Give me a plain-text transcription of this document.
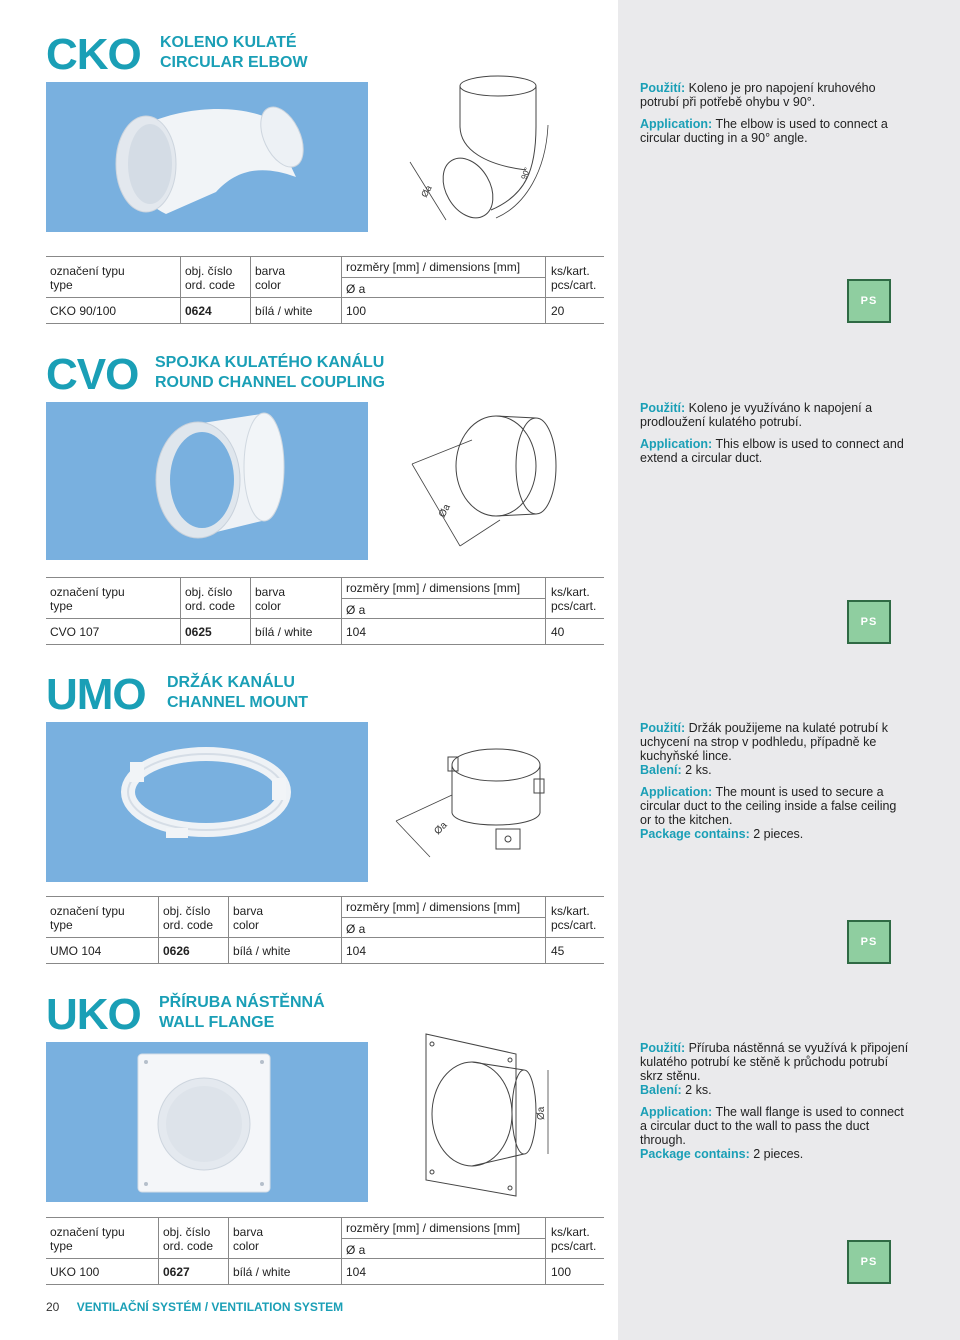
CKO KOLENO KULATÉ
CIRCULAR ELBOW
Øa
90°

Použití: Koleno je pro napojení kruhového potrubí při potřebě ohybu v 90°.

Application: The elbow is used to connect a circular ducting in a 90° angle.

označení typu
type
obj. číslo
ord. code
barva
color
rozměry [mm] / dimensions [mm]
Ø a
ks/kart.
pcs/cart.
CKO 90/100	0624	bílá / white	100	20
PS
CVO SPOJKA KULATÉHO KANÁLU
ROUND CHANNEL COUPLING
Øa

Použití: Koleno je využíváno k napojení a prodloužení kulatého potrubí.

Application: This elbow is used to connect and extend a circular duct.

označení typu
type
obj. číslo
ord. code
barva
color
rozměry [mm] / dimensions [mm]
Ø a
ks/kart.
pcs/cart.
CVO 107	0625	bílá / white	104	40
PS
UMO DRŽÁK KANÁLU
CHANNEL MOUNT
Øa

Použití: Držák použijeme na kulaté potrubí k uchycení na strop v podhledu, případně ke kuchyňské lince.
Balení: 2 ks.

Application: The mount is used to secure a circular duct to the ceiling inside a false ceiling or to the kitchen.
Package contains: 2 pieces.

označení typu
type
obj. číslo
ord. code
barva
color
rozměry [mm] / dimensions [mm]
Ø a
ks/kart.
pcs/cart.
UMO 104	0626	bílá / white	104	45
PS
UKO PŘÍRUBA NÁSTĚNNÁ
WALL FLANGE
Øa

Použití: Příruba nástěnná se využívá k připojení kulatého potrubí ke stěně k průchodu potrubí skrz stěnu.
Balení: 2 ks.

Application: The wall flange is used to connect a circular duct to the wall to pass the duct through.
Package contains: 2 pieces.

označení typu
type
obj. číslo
ord. code
barva
color
rozměry [mm] / dimensions [mm]
Ø a
ks/kart.
pcs/cart.
UKO 100	0627	bílá / white	104	100
PS
20 VENTILAČNÍ SYSTÉM / VENTILATION SYSTEM
